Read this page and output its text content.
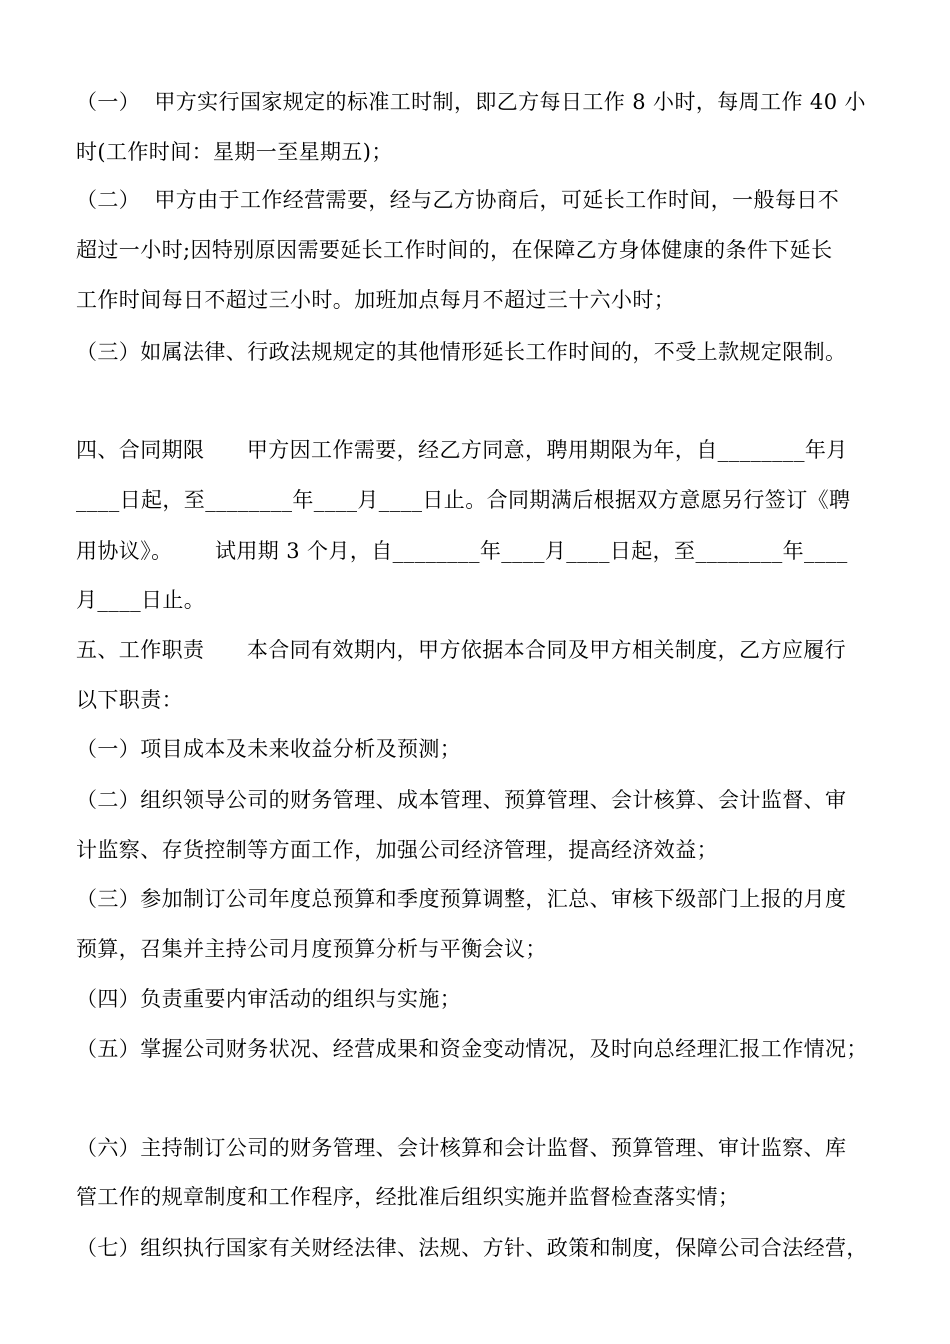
（一）  甲方实行国家规定的标准工时制，即乙方每日工作 8 小时，每周工作 40 小
时(工作时间：星期一至星期五)；
（二）  甲方由于工作经营需要，经与乙方协商后，可延长工作时间，一般每日不
超过一小时;因特别原因需要延长工作时间的，在保障乙方身体健康的条件下延长
工作时间每日不超过三小时。加班加点每月不超过三十六小时；
（三）如属法律、行政法规规定的其他情形延长工作时间的，不受上款规定限制。
四、合同期限      甲方因工作需要，经乙方同意，聘用期限为年，自________年月
____日起，至________年____月____日止。合同期满后根据双方意愿另行签订《聘
用协议》。      试用期 3 个月，自________年____月____日起，至________年____
月____日止。
五、工作职责      本合同有效期内，甲方依据本合同及甲方相关制度，乙方应履行
以下职责：
（一）项目成本及未来收益分析及预测；
（二）组织领导公司的财务管理、成本管理、预算管理、会计核算、会计监督、审
计监察、存货控制等方面工作，加强公司经济管理，提高经济效益；
（三）参加制订公司年度总预算和季度预算调整，汇总、审核下级部门上报的月度
预算，召集并主持公司月度预算分析与平衡会议；
（四）负责重要内审活动的组织与实施；
（五）掌握公司财务状况、经营成果和资金变动情况，及时向总经理汇报工作情况；
（六）主持制订公司的财务管理、会计核算和会计监督、预算管理、审计监察、库
管工作的规章制度和工作程序，经批准后组织实施并监督检查落实情；
（七）组织执行国家有关财经法律、法规、方针、政策和制度，保障公司合法经营，
